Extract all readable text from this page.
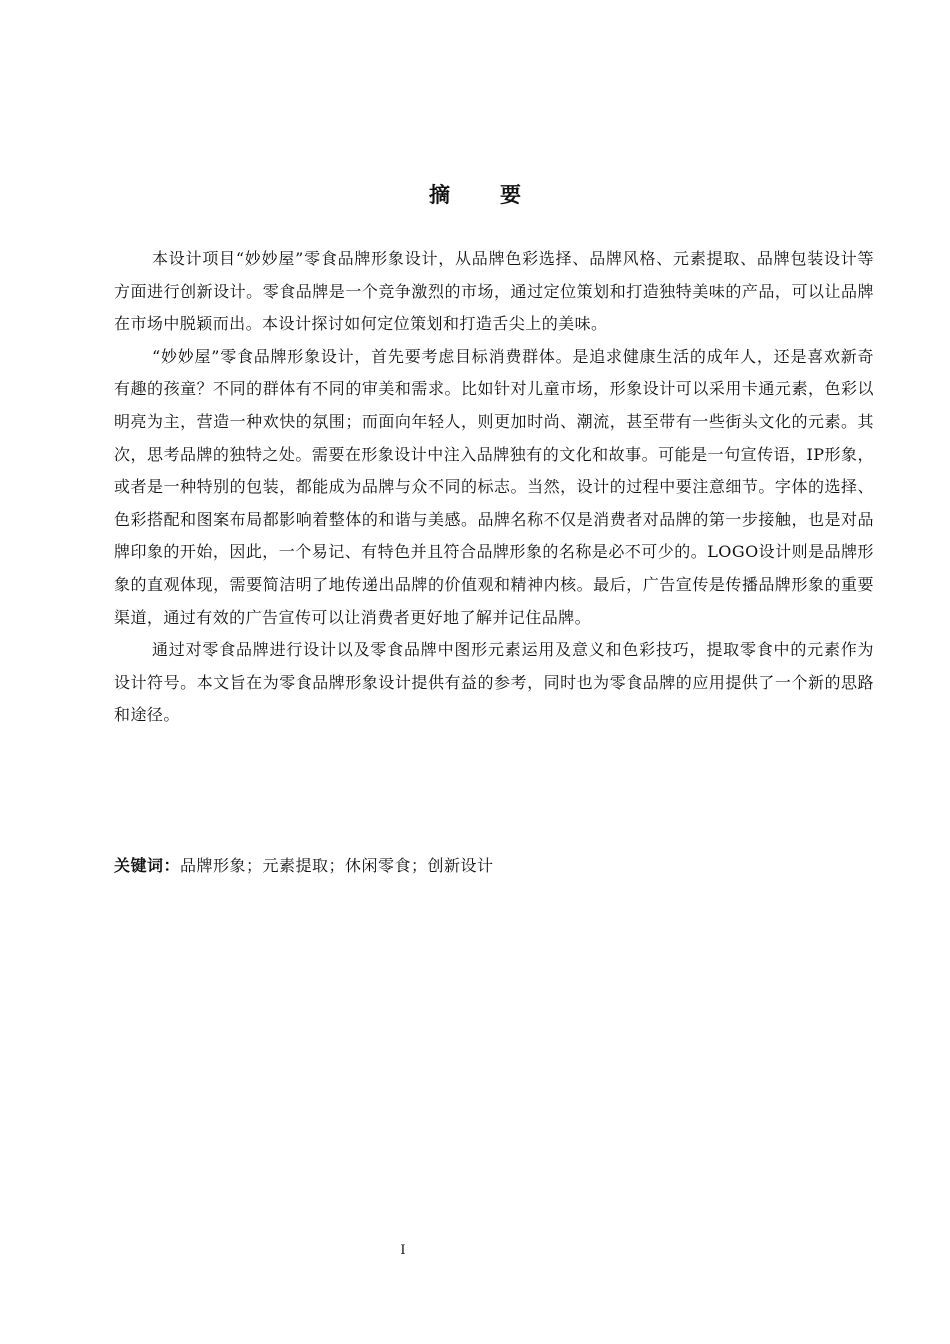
摘要

本设计项目“妙妙屋”零食品牌形象设计，从品牌色彩选择、品牌风格、元素提取、品牌包装设计等方面进行创新设计。零食品牌是一个竞争激烈的市场，通过定位策划和打造独特美味的产品，可以让品牌在市场中脱颖而出。本设计探讨如何定位策划和打造舌尖上的美味。

“妙妙屋”零食品牌形象设计，首先要考虑目标消费群体。是追求健康生活的成年人，还是喜欢新奇有趣的孩童？不同的群体有不同的审美和需求。比如针对儿童市场，形象设计可以采用卡通元素，色彩以明亮为主，营造一种欢快的氛围；而面向年轻人，则更加时尚、潮流，甚至带有一些街头文化的元素。其次，思考品牌的独特之处。需要在形象设计中注入品牌独有的文化和故事。可能是一句宣传语，IP形象，或者是一种特别的包装，都能成为品牌与众不同的标志。当然，设计的过程中要注意细节。字体的选择、色彩搭配和图案布局都影响着整体的和谐与美感。品牌名称不仅是消费者对品牌的第一步接触，也是对品牌印象的开始，因此，一个易记、有特色并且符合品牌形象的名称是必不可少的。LOGO设计则是品牌形象的直观体现，需要简洁明了地传递出品牌的价值观和精神内核。最后，广告宣传是传播品牌形象的重要渠道，通过有效的广告宣传可以让消费者更好地了解并记住品牌。

通过对零食品牌进行设计以及零食品牌中图形元素运用及意义和色彩技巧，提取零食中的元素作为设计符号。本文旨在为零食品牌形象设计提供有益的参考，同时也为零食品牌的应用提供了一个新的思路和途径。

关键词：品牌形象；元素提取；休闲零食；创新设计
I
